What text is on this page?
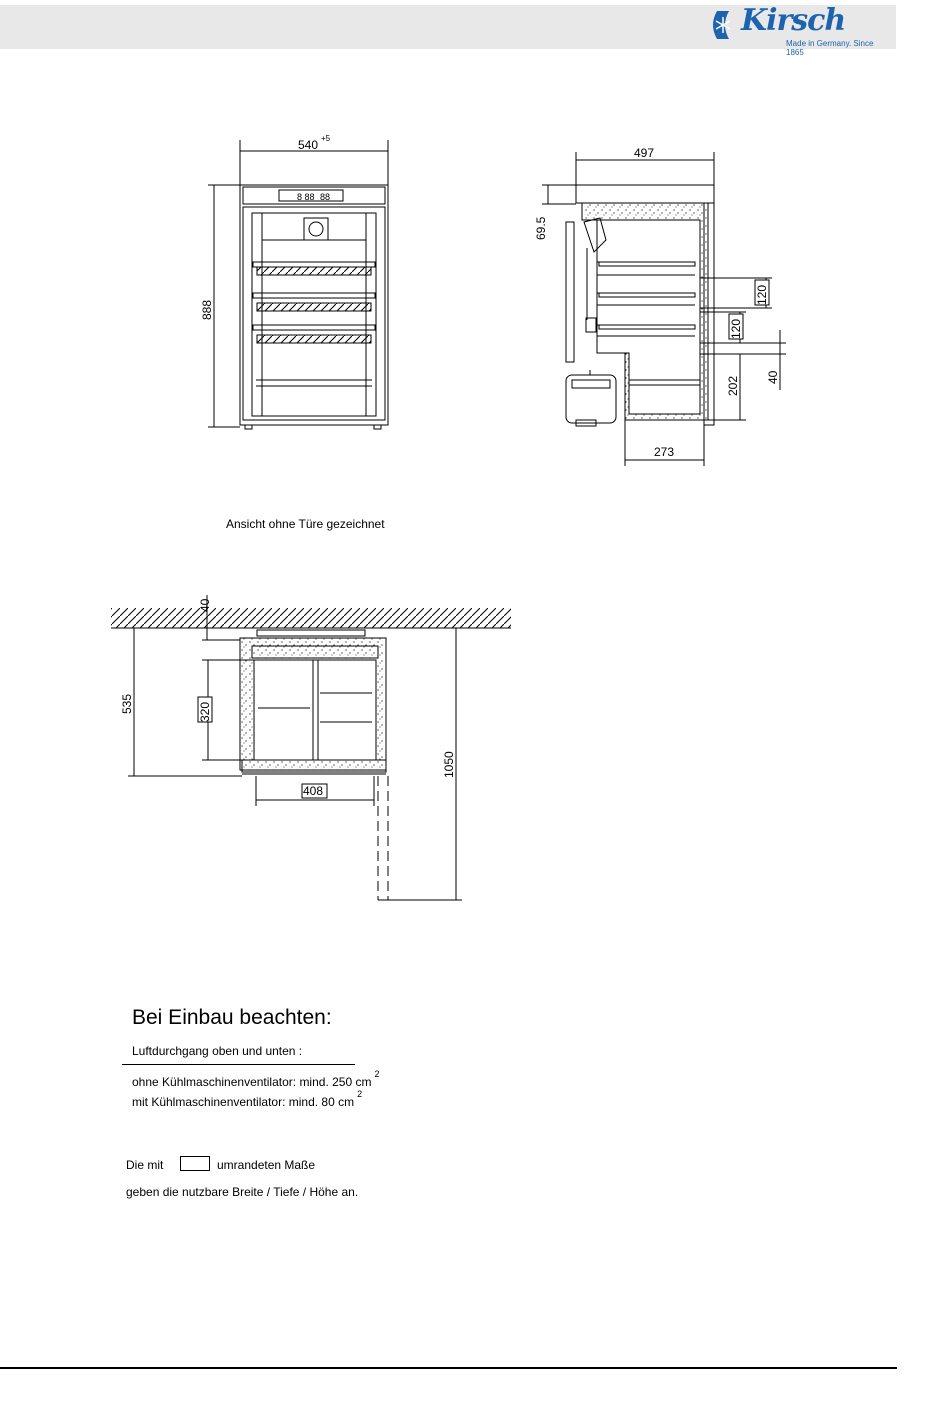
Kirsch
Made in Germany. Since 1865
540 +5
888
8 88 88
497
69.5
120
120
202 40
273
40
535	320
408
1050
Ansicht ohne Türe gezeichnet
Bei Einbau beachten:
Luftdurchgang oben und unten :
ohne Kühlmaschinenventilator: mind. 250 $cm^2$
mit Kühlmaschinenventilator: mind. 80 $cm^2$
Die mit	umrandeten Maße
geben die nutzbare Breite / Tiefe / Höhe an.
